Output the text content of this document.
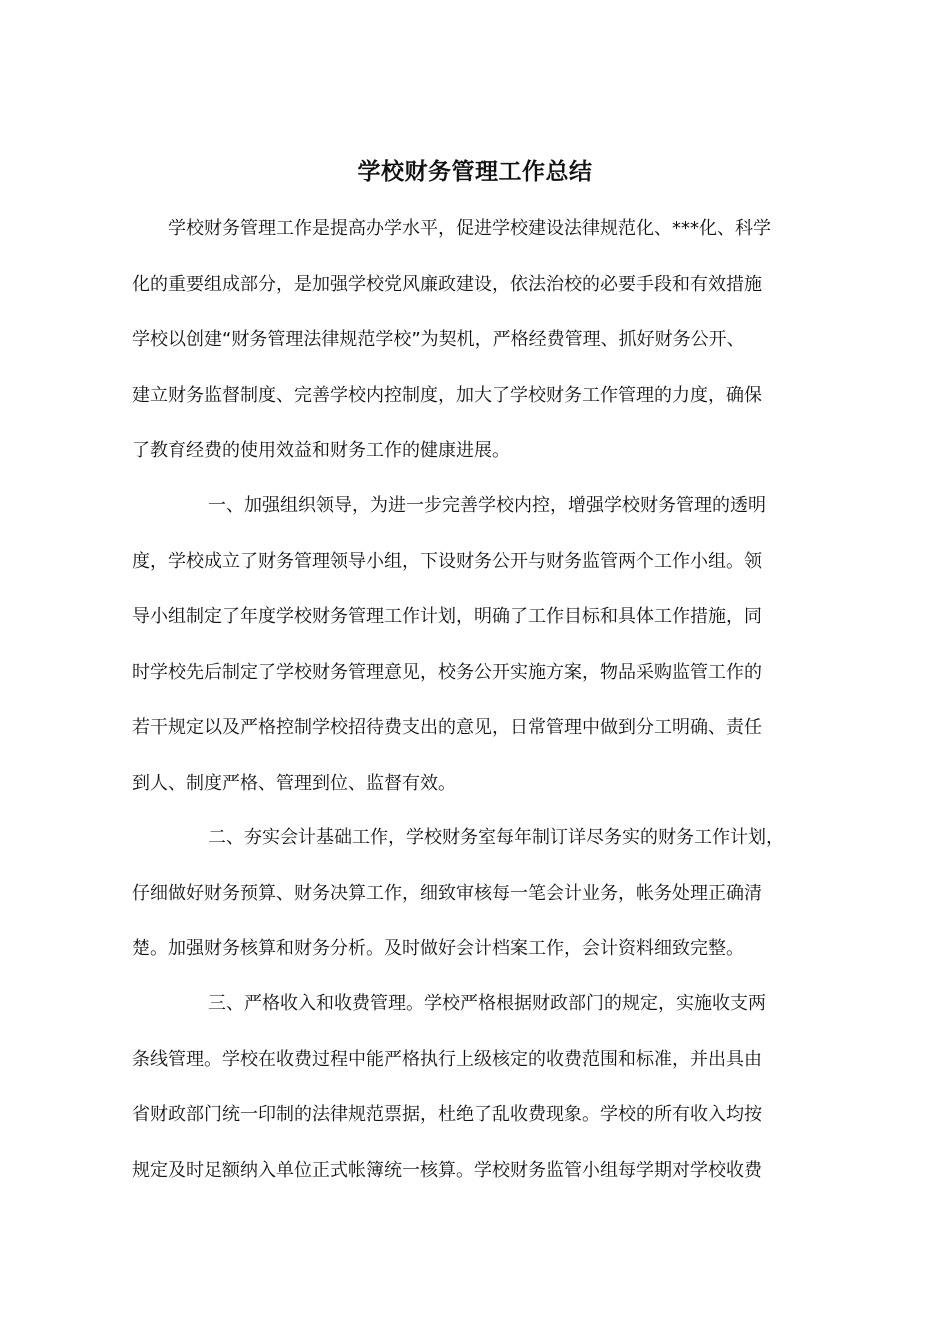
学校财务管理工作总结
学校财务管理工作是提高办学水平，促进学校建设法律规范化、***化、科学
化的重要组成部分，是加强学校党风廉政建设，依法治校的必要手段和有效措施
学校以创建“财务管理法律规范学校”为契机，严格经费管理、抓好财务公开、
建立财务监督制度、完善学校内控制度，加大了学校财务工作管理的力度，确保
了教育经费的使用效益和财务工作的健康进展。
一、加强组织领导，为进一步完善学校内控，增强学校财务管理的透明
度，学校成立了财务管理领导小组，下设财务公开与财务监管两个工作小组。领
导小组制定了年度学校财务管理工作计划，明确了工作目标和具体工作措施，同
时学校先后制定了学校财务管理意见，校务公开实施方案，物品采购监管工作的
若干规定以及严格控制学校招待费支出的意见，日常管理中做到分工明确、责任
到人、制度严格、管理到位、监督有效。
二、夯实会计基础工作，学校财务室每年制订详尽务实的财务工作计划，
仔细做好财务预算、财务决算工作，细致审核每一笔会计业务，帐务处理正确清
楚。加强财务核算和财务分析。及时做好会计档案工作，会计资料细致完整。
三、严格收入和收费管理。学校严格根据财政部门的规定，实施收支两
条线管理。学校在收费过程中能严格执行上级核定的收费范围和标准，并出具由
省财政部门统一印制的法律规范票据，杜绝了乱收费现象。学校的所有收入均按
规定及时足额纳入单位正式帐簿统一核算。学校财务监管小组每学期对学校收费
